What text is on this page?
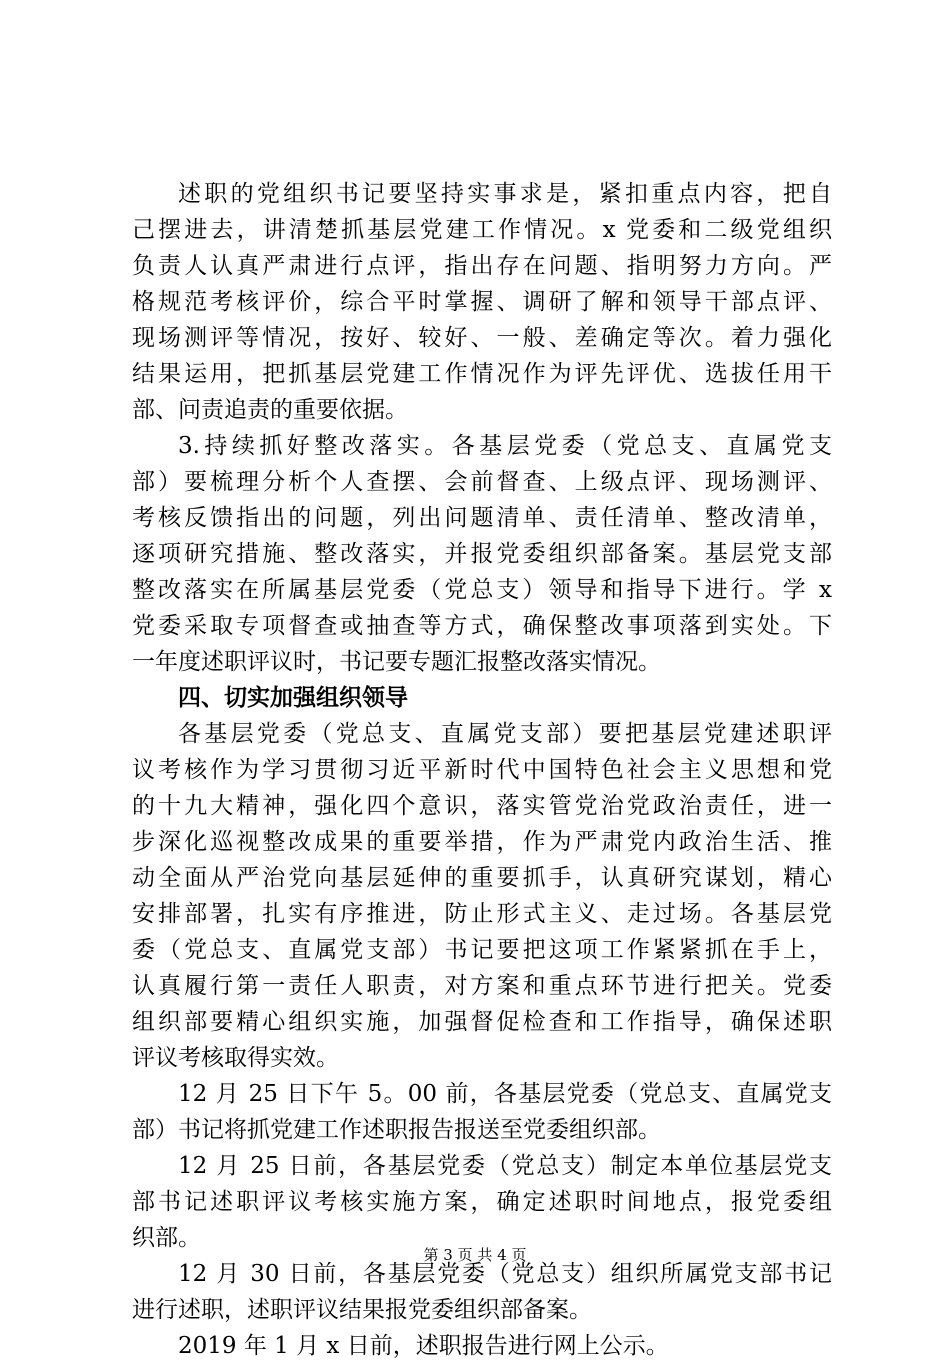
述职的党组织书记要坚持实事求是，紧扣重点内容，把自
己摆进去，讲清楚抓基层党建工作情况。x 党委和二级党组织
负责人认真严肃进行点评，指出存在问题、指明努力方向。严
格规范考核评价，综合平时掌握、调研了解和领导干部点评、
现场测评等情况，按好、较好、一般、差确定等次。着力强化
结果运用，把抓基层党建工作情况作为评先评优、选拔任用干
部、问责追责的重要依据。
3.持续抓好整改落实。各基层党委（党总支、直属党支
部）要梳理分析个人查摆、会前督查、上级点评、现场测评、
考核反馈指出的问题，列出问题清单、责任清单、整改清单，
逐项研究措施、整改落实，并报党委组织部备案。基层党支部
整改落实在所属基层党委（党总支）领导和指导下进行。学 x
党委采取专项督查或抽查等方式，确保整改事项落到实处。下
一年度述职评议时，书记要专题汇报整改落实情况。
四、切实加强组织领导
各基层党委（党总支、直属党支部）要把基层党建述职评
议考核作为学习贯彻习近平新时代中国特色社会主义思想和党
的十九大精神，强化四个意识，落实管党治党政治责任，进一
步深化巡视整改成果的重要举措，作为严肃党内政治生活、推
动全面从严治党向基层延伸的重要抓手，认真研究谋划，精心
安排部署，扎实有序推进，防止形式主义、走过场。各基层党
委（党总支、直属党支部）书记要把这项工作紧紧抓在手上，
认真履行第一责任人职责，对方案和重点环节进行把关。党委
组织部要精心组织实施，加强督促检查和工作指导，确保述职
评议考核取得实效。
12 月 25 日下午 5。00 前，各基层党委（党总支、直属党支
部）书记将抓党建工作述职报告报送至党委组织部。
12 月 25 日前，各基层党委（党总支）制定本单位基层党支
部书记述职评议考核实施方案，确定述职时间地点，报党委组
织部。
12 月 30 日前，各基层党委（党总支）组织所属党支部书记
进行述职，述职评议结果报党委组织部备案。
2019 年 1 月 x 日前，述职报告进行网上公示。
第 3 页 共 4 页
